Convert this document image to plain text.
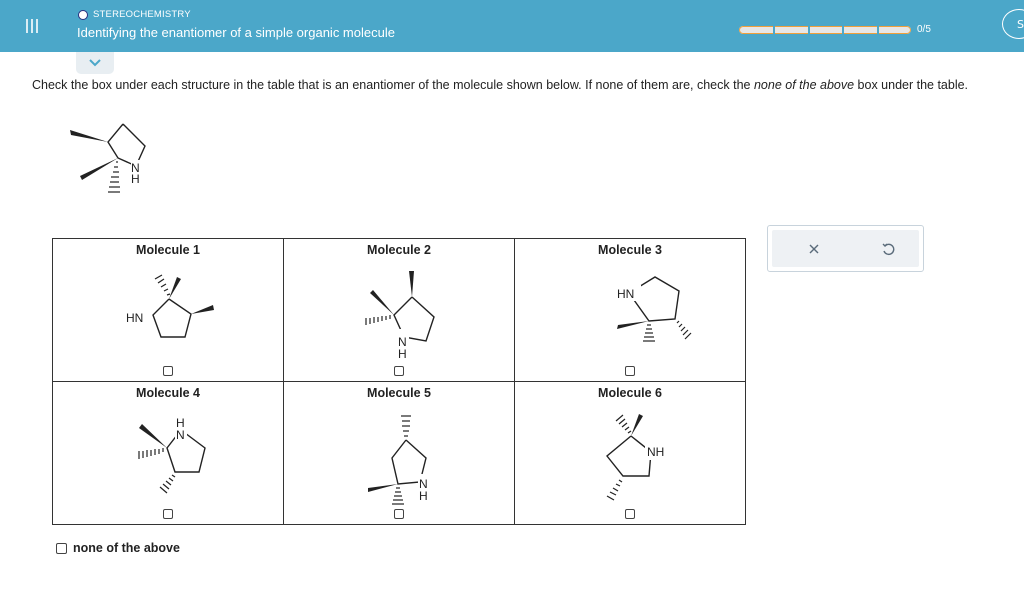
STEREOCHEMISTRY
Identifying the enantiomer of a simple organic molecule	0/5	S
Check the box under each structure in the table that is an enantiomer of the molecule shown below. If none of them are, check the none of the above box under the table.
N
H
Molecule 1
HN	Molecule 2
N
H	Molecule 3
HN

Molecule 4
H
N	Molecule 5
N
H	Molecule 6
NH
none of the above
